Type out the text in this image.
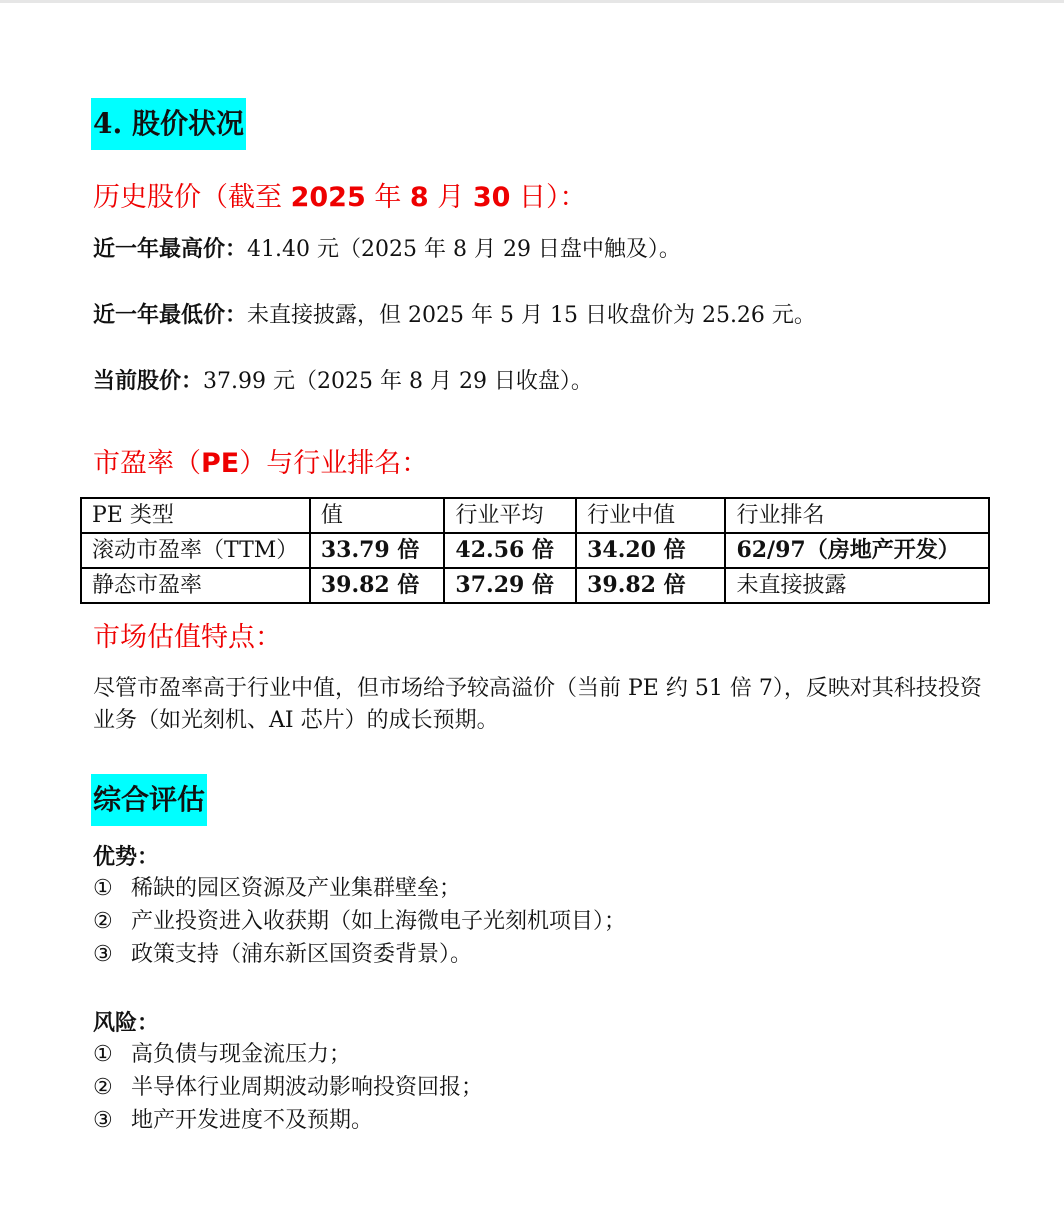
4. 股价状况
历史股价（截至 2025 年 8 月 30 日）：
近一年最高价：41.40 元（2025 年 8 月 29 日盘中触及）。
近一年最低价：未直接披露，但 2025 年 5 月 15 日收盘价为 25.26 元。
当前股价：37.99 元（2025 年 8 月 29 日收盘）。
市盈率（PE）与行业排名：
PE 类型	值	行业平均	行业中值	行业排名
滚动市盈率（TTM）	33.79 倍	42.56 倍	34.20 倍	62/97（房地产开发）
静态市盈率	39.82 倍	37.29 倍	39.82 倍	未直接披露
市场估值特点：
尽管市盈率高于行业中值，但市场给予较高溢价（当前 PE 约 51 倍 7），反映对其科技投资业务（如光刻机、AI 芯片）的成长预期。
综合评估
优势：
① 稀缺的园区资源及产业集群壁垒；
② 产业投资进入收获期（如上海微电子光刻机项目）；
③ 政策支持（浦东新区国资委背景）。
风险：
① 高负债与现金流压力；
② 半导体行业周期波动影响投资回报；
③ 地产开发进度不及预期。
